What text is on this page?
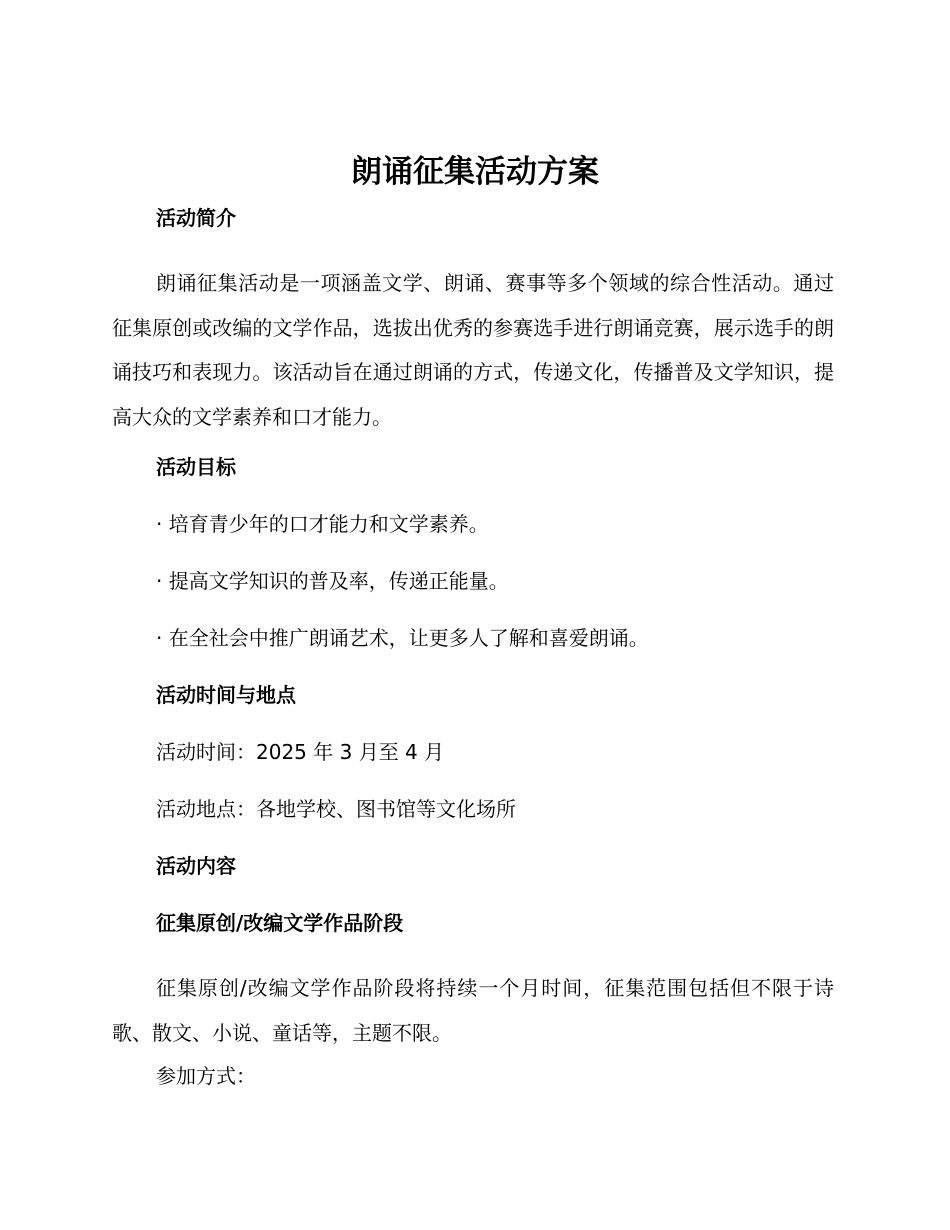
朗诵征集活动方案
活动简介

朗诵征集活动是一项涵盖文学、朗诵、赛事等多个领域的综合性活动。通过征集原创或改编的文学作品，选拔出优秀的参赛选手进行朗诵竞赛，展示选手的朗诵技巧和表现力。该活动旨在通过朗诵的方式，传递文化，传播普及文学知识，提高大众的文学素养和口才能力。

活动目标
· 培育青少年的口才能力和文学素养。
· 提高文学知识的普及率，传递正能量。
· 在全社会中推广朗诵艺术，让更多人了解和喜爱朗诵。
活动时间与地点
活动时间：2025 年 3 月至 4 月
活动地点：各地学校、图书馆等文化场所
活动内容
征集原创/改编文学作品阶段

征集原创/改编文学作品阶段将持续一个月时间，征集范围包括但不限于诗歌、散文、小说、童话等，主题不限。

参加方式：
